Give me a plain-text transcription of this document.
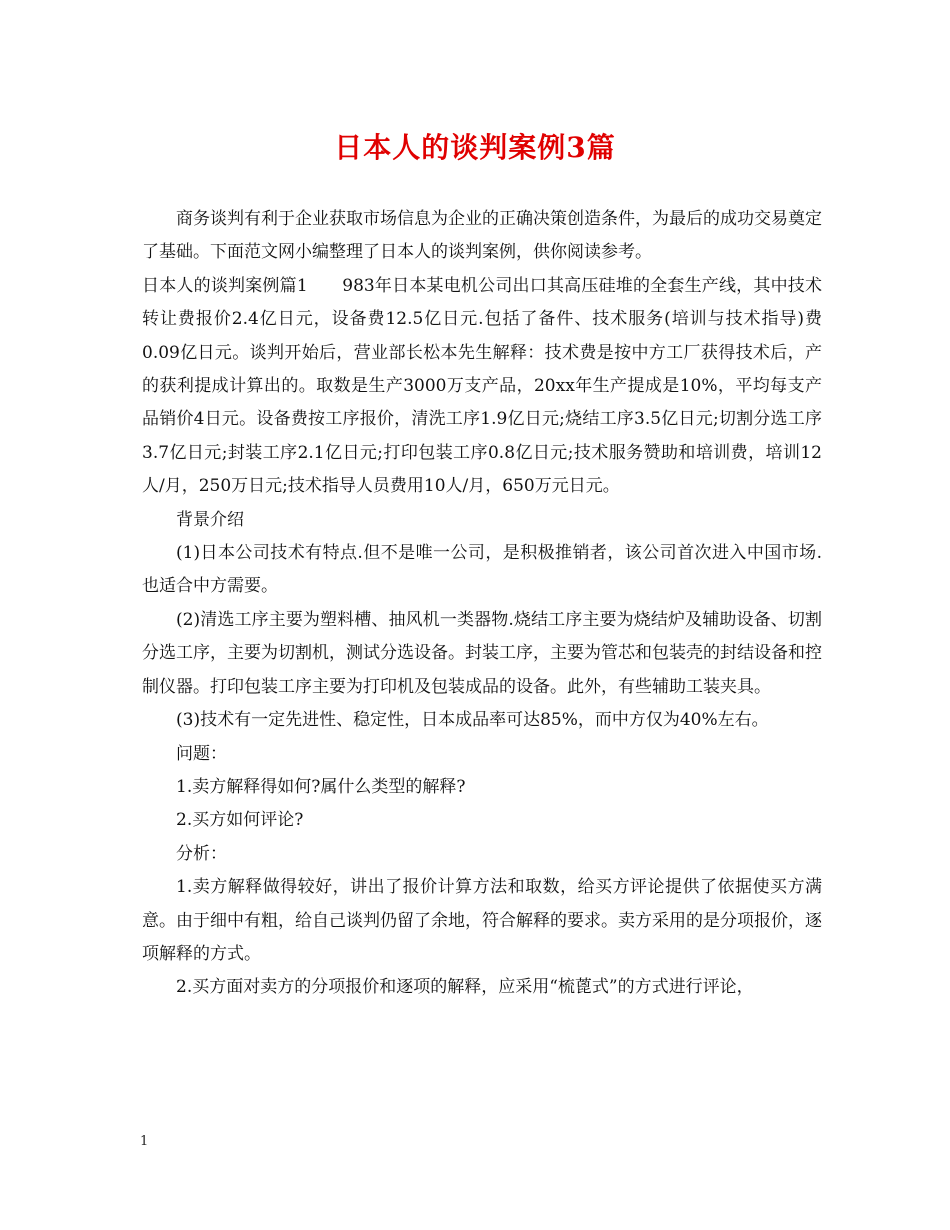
日本人的谈判案例3篇

商务谈判有利于企业获取市场信息为企业的正确决策创造条件，为最后的成功交易奠定了基础。下面范文网小编整理了日本人的谈判案例，供你阅读参考。

日本人的谈判案例篇1　　983年日本某电机公司出口其高压硅堆的全套生产线，其中技术转让费报价2.4亿日元，设备费12.5亿日元.包括了备件、技术服务(培训与技术指导)费0.09亿日元。谈判开始后，营业部长松本先生解释：技术费是按中方工厂获得技术后，产的获利提成计算出的。取数是生产3000万支产品，20xx年生产提成是10%，平均每支产品销价4日元。设备费按工序报价，清洗工序1.9亿日元;烧结工序3.5亿日元;切割分选工序3.7亿日元;封装工序2.1亿日元;打印包装工序0.8亿日元;技术服务赞助和培训费，培训12人/月，250万日元;技术指导人员费用10人/月，650万元日元。

背景介绍

(1)日本公司技术有特点.但不是唯一公司，是积极推销者，该公司首次进入中国市场.也适合中方需要。

(2)清选工序主要为塑料槽、抽风机一类器物.烧结工序主要为烧结炉及辅助设备、切割分选工序，主要为切割机，测试分选设备。封装工序，主要为管芯和包装壳的封结设备和控制仪器。打印包装工序主要为打印机及包装成品的设备。此外，有些辅助工装夹具。

(3)技术有一定先进性、稳定性，日本成品率可达85%，而中方仅为40%左右。

问题：

1.卖方解释得如何?属什么类型的解释?

2.买方如何评论?

分析：

1.卖方解释做得较好，讲出了报价计算方法和取数，给买方评论提供了依据使买方满意。由于细中有粗，给自己谈判仍留了余地，符合解释的要求。卖方采用的是分项报价，逐项解释的方式。

2.买方面对卖方的分项报价和逐项的解释，应采用“梳蓖式”的方式进行评论，

1
